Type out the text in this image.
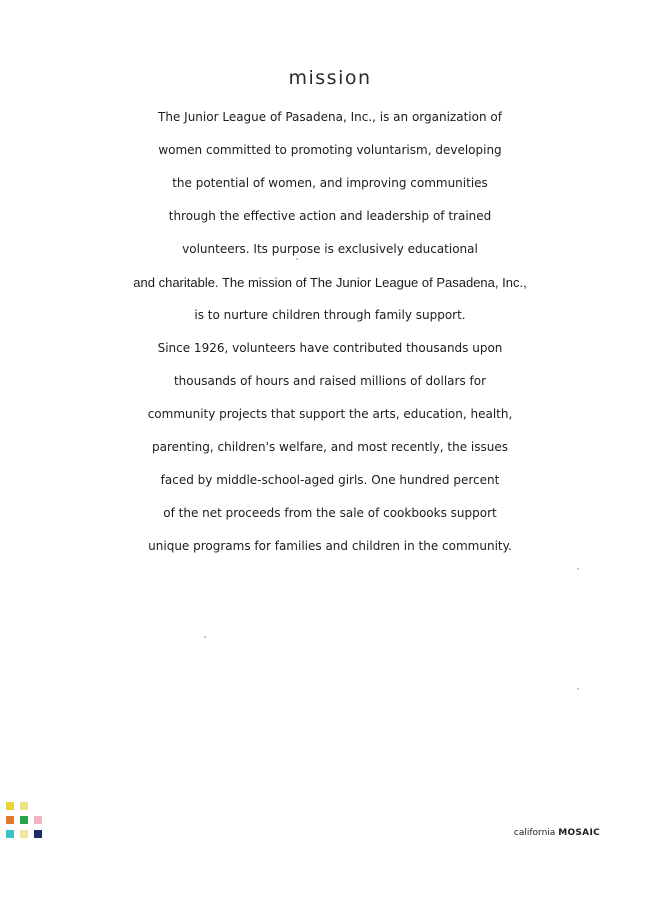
mission
The Junior League of Pasadena, Inc., is an organization of
women committed to promoting voluntarism, developing
the potential of women, and improving communities
through the effective action and leadership of trained
volunteers. Its purpose is exclusively educational
and charitable. The mission of The Junior League of Pasadena, Inc.,
is to nurture children through family support.
Since 1926, volunteers have contributed thousands upon
thousands of hours and raised millions of dollars for
community projects that support the arts, education, health,
parenting, children's welfare, and most recently, the issues
faced by middle-school-aged girls. One hundred percent
of the net proceeds from the sale of cookbooks support
unique programs for families and children in the community.
california MOSAIC
